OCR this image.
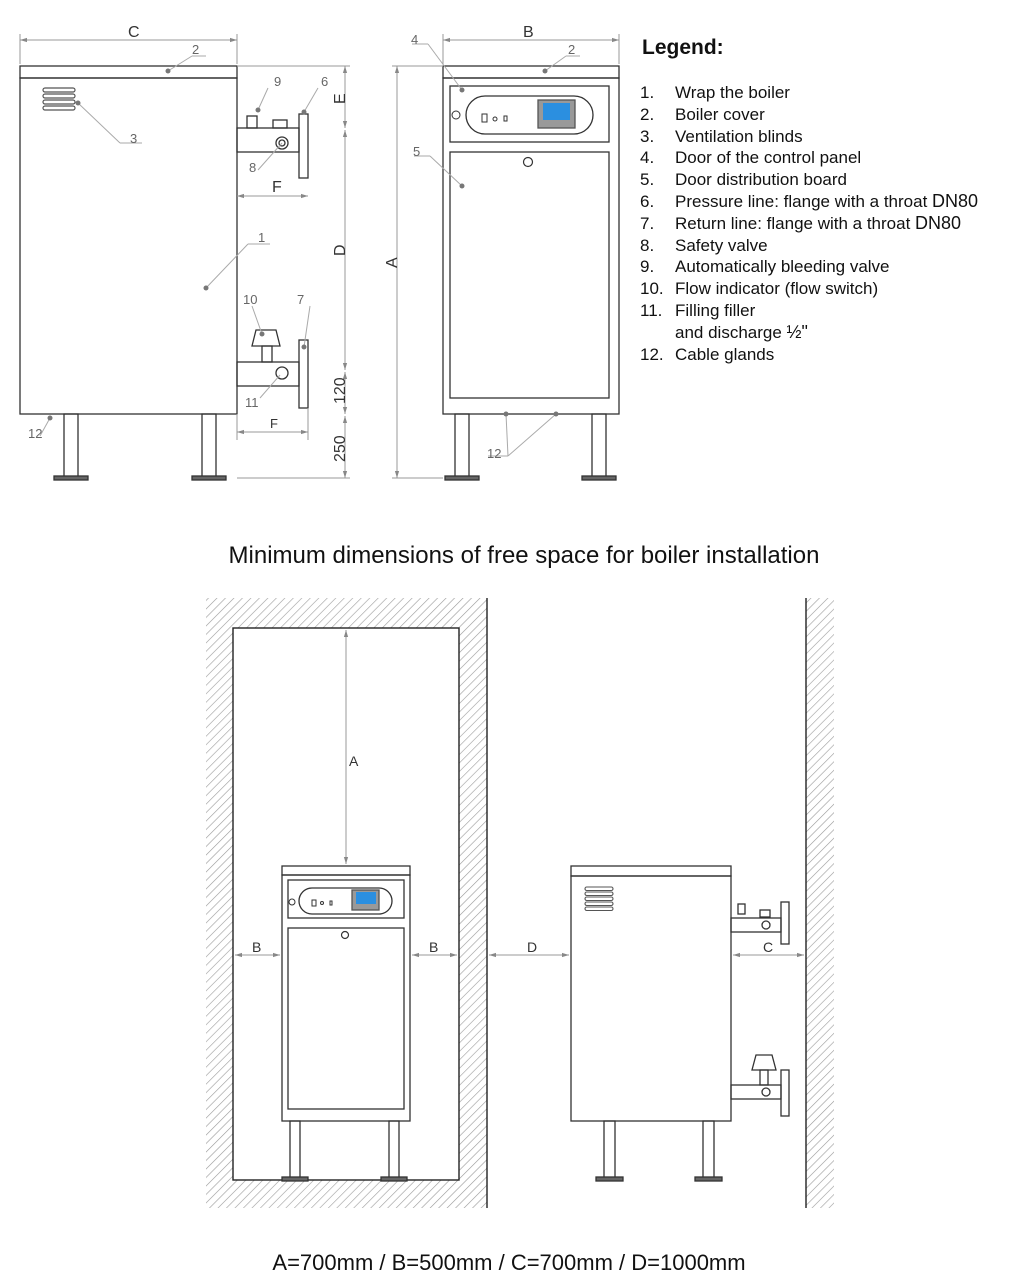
C
2
3
1
9	6
8
10	7
11
12
F
F
E
D
120
250
B
2
4
5
12
A
A
B	B	D	C
Legend:
1.	Wrap the boiler
2.	Boiler cover
3.	Ventilation blinds
4.	Door of the control panel
5.	Door distribution board
6.	Pressure line: flange with a throat DN80
7.	Return line: flange with a throat DN80
8.	Safety valve
9.	Automatically bleeding valve
10. Flow indicator (flow switch)
11. Filling filler
and discharge ½"
12. Cable glands
Minimum dimensions of free space for boiler installation
A=700mm / B=500mm / C=700mm / D=1000mm
